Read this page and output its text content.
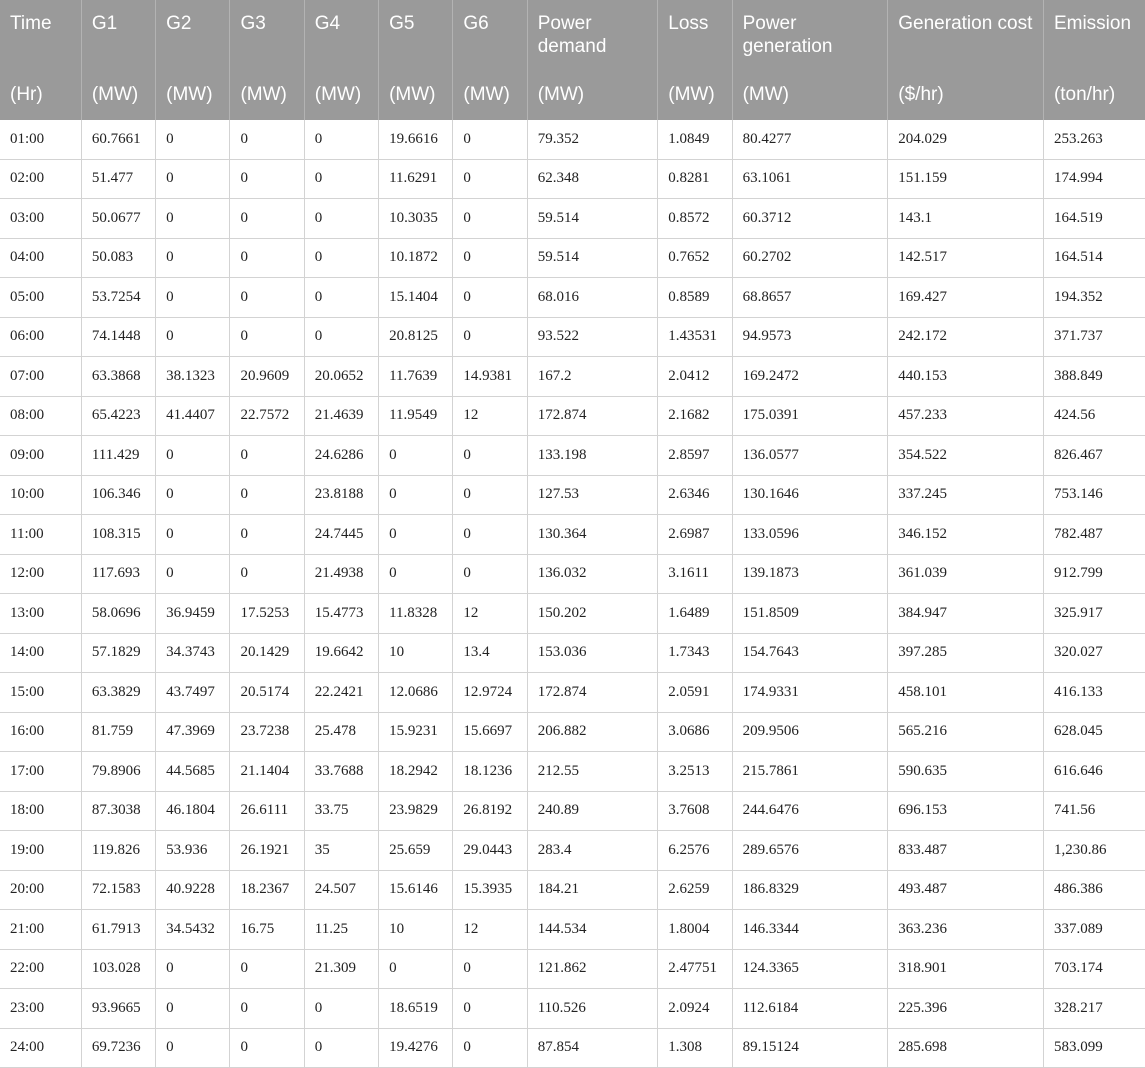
Time	G1	G2	G3	G4	G5	G6	Power demand	Loss	Power generation	Generation cost	Emission
(Hr)	(MW)	(MW)	(MW)	(MW)	(MW)	(MW)	(MW)	(MW)	(MW)	($/hr)	(ton/hr)
01:00	60.7661	0	0	0	19.6616	0	79.352	1.0849	80.4277	204.029	253.263
02:00	51.477	0	0	0	11.6291	0	62.348	0.8281	63.1061	151.159	174.994
03:00	50.0677	0	0	0	10.3035	0	59.514	0.8572	60.3712	143.1	164.519
04:00	50.083	0	0	0	10.1872	0	59.514	0.7652	60.2702	142.517	164.514
05:00	53.7254	0	0	0	15.1404	0	68.016	0.8589	68.8657	169.427	194.352
06:00	74.1448	0	0	0	20.8125	0	93.522	1.43531	94.9573	242.172	371.737
07:00	63.3868	38.1323	20.9609	20.0652	11.7639	14.9381	167.2	2.0412	169.2472	440.153	388.849
08:00	65.4223	41.4407	22.7572	21.4639	11.9549	12	172.874	2.1682	175.0391	457.233	424.56
09:00	111.429	0	0	24.6286	0	0	133.198	2.8597	136.0577	354.522	826.467
10:00	106.346	0	0	23.8188	0	0	127.53	2.6346	130.1646	337.245	753.146
11:00	108.315	0	0	24.7445	0	0	130.364	2.6987	133.0596	346.152	782.487
12:00	117.693	0	0	21.4938	0	0	136.032	3.1611	139.1873	361.039	912.799
13:00	58.0696	36.9459	17.5253	15.4773	11.8328	12	150.202	1.6489	151.8509	384.947	325.917
14:00	57.1829	34.3743	20.1429	19.6642	10	13.4	153.036	1.7343	154.7643	397.285	320.027
15:00	63.3829	43.7497	20.5174	22.2421	12.0686	12.9724	172.874	2.0591	174.9331	458.101	416.133
16:00	81.759	47.3969	23.7238	25.478	15.9231	15.6697	206.882	3.0686	209.9506	565.216	628.045
17:00	79.8906	44.5685	21.1404	33.7688	18.2942	18.1236	212.55	3.2513	215.7861	590.635	616.646
18:00	87.3038	46.1804	26.6111	33.75	23.9829	26.8192	240.89	3.7608	244.6476	696.153	741.56
19:00	119.826	53.936	26.1921	35	25.659	29.0443	283.4	6.2576	289.6576	833.487	1,230.86
20:00	72.1583	40.9228	18.2367	24.507	15.6146	15.3935	184.21	2.6259	186.8329	493.487	486.386
21:00	61.7913	34.5432	16.75	11.25	10	12	144.534	1.8004	146.3344	363.236	337.089
22:00	103.028	0	0	21.309	0	0	121.862	2.47751	124.3365	318.901	703.174
23:00	93.9665	0	0	0	18.6519	0	110.526	2.0924	112.6184	225.396	328.217
24:00	69.7236	0	0	0	19.4276	0	87.854	1.308	89.15124	285.698	583.099
